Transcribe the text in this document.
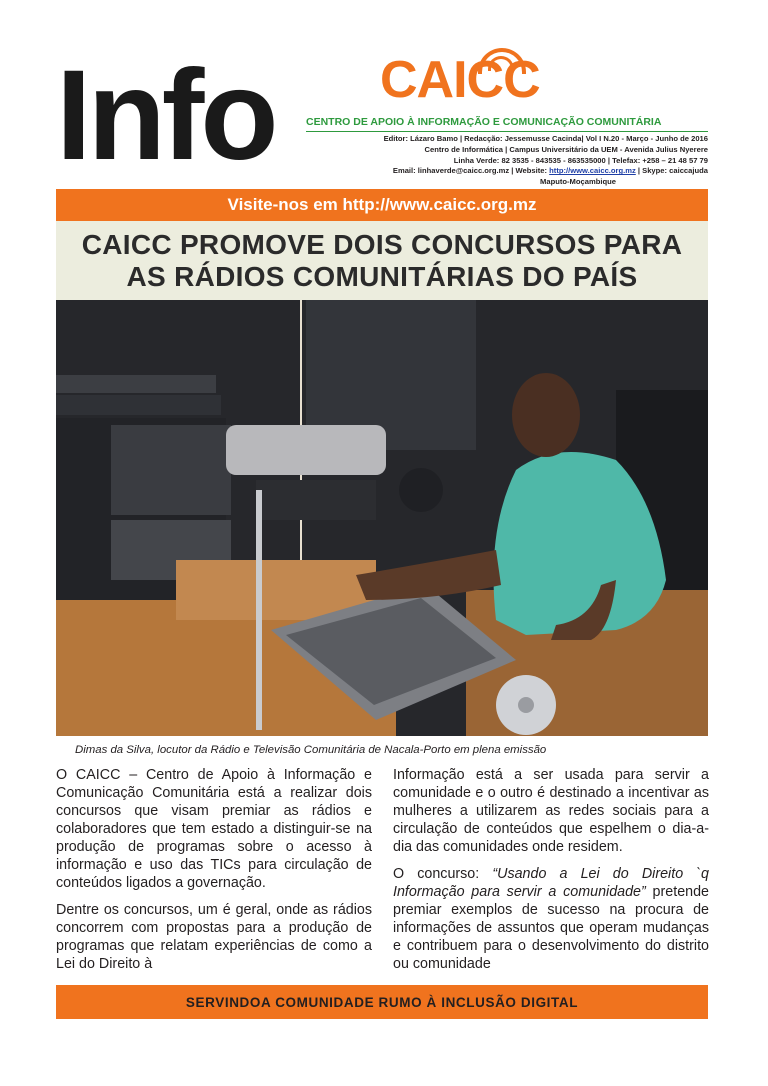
Info CAICC
CENTRO DE APOIO À INFORMAÇÃO E COMUNICAÇÃO COMUNITÁRIA
Editor: Lázaro Bamo | Redacção: Jessemusse Cacinda| Vol I N.20 - Março - Junho de 2016
Centro de Informática | Campus Universitário da UEM - Avenida Julius Nyerere
Linha Verde: 82 3535 - 843535 - 863535000 | Telefax: +258 – 21 48 57 79
Email: linhaverde@caicc.org.mz | Website: http://www.caicc.org.mz | Skype: caiccajuda
Maputo-Moçambique
Visite-nos em http://www.caicc.org.mz
CAICC PROMOVE DOIS CONCURSOS PARA
AS RÁDIOS COMUNITÁRIAS DO PAÍS
Dimas da Silva, locutor da Rádio e Televisão Comunitária de Nacala-Porto em plena emissão

O CAICC – Centro de Apoio à Informação e Comunicação Comunitária está a realizar dois concursos que visam premiar as rádios e colaboradores que tem estado a distinguir-se na produção de programas sobre o acesso à informação e uso das TICs para circulação de conteúdos ligados a governação.

Dentre os concursos, um é geral, onde as rádios concorrem com propostas para a produção de programas que relatam experiências de como a Lei do Direito à

Informação está a ser usada para servir a comunidade e o outro é destinado a incentivar as mulheres a utilizarem as redes sociais para a circulação de conteúdos que espelhem o dia-a-dia das comunidades onde residem.

O concurso: “Usando a Lei do Direito `q Informação para servir a comunidade” pretende premiar exemplos de sucesso na procura de informações de assuntos que operam mudanças e contribuem para o desenvolvimento do distrito ou comunidade

SERVINDOA COMUNIDADE RUMO À INCLUSÃO DIGITAL
